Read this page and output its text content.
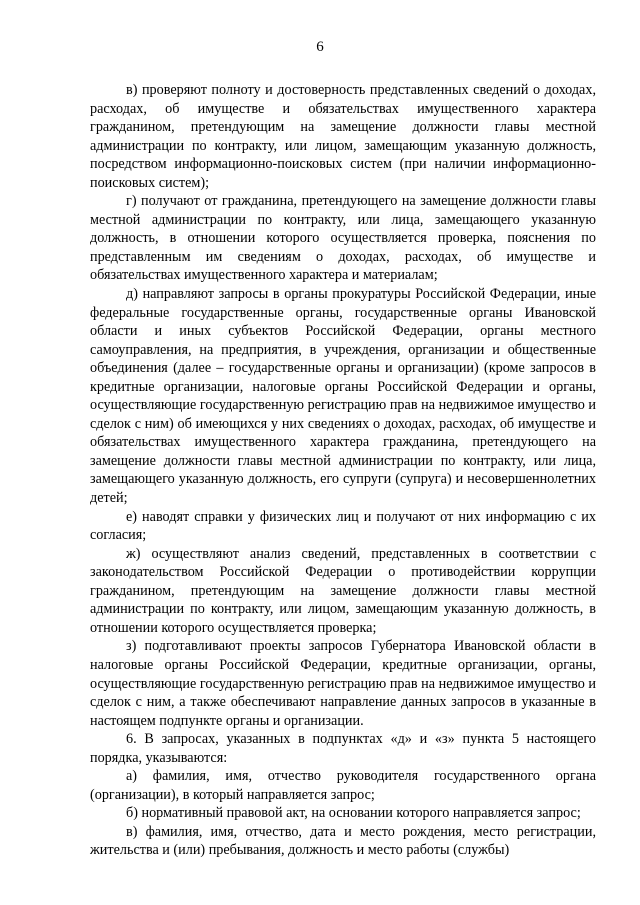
6

в) проверяют полноту и достоверность представленных сведений о доходах, расходах, об имуществе и обязательствах имущественного характера гражданином, претендующим на замещение должности главы местной администрации по контракту, или лицом, замещающим указанную должность, посредством информационно-поисковых систем (при наличии информационно-поисковых систем);

г) получают от гражданина, претендующего на замещение должности главы местной администрации по контракту, или лица, замещающего указанную должность, в отношении которого осуществляется проверка, пояснения по представленным им сведениям о доходах, расходах, об имуществе и обязательствах имущественного характера и материалам;

д) направляют запросы в органы прокуратуры Российской Федерации, иные федеральные государственные органы, государственные органы Ивановской области и иных субъектов Российской Федерации, органы местного самоуправления, на предприятия, в учреждения, организации и общественные объединения (далее – государственные органы и организации) (кроме запросов в кредитные организации, налоговые органы Российской Федерации и органы, осуществляющие государственную регистрацию прав на недвижимое имущество и сделок с ним) об имеющихся у них сведениях о доходах, расходах, об имуществе и обязательствах имущественного характера гражданина, претендующего на замещение должности главы местной администрации по контракту, или лица, замещающего указанную должность, его супруги (супруга) и несовершеннолетних детей;

е) наводят справки у физических лиц и получают от них информацию с их согласия;

ж) осуществляют анализ сведений, представленных в соответствии с законодательством Российской Федерации о противодействии коррупции гражданином, претендующим на замещение должности главы местной администрации по контракту, или лицом, замещающим указанную должность, в отношении которого осуществляется проверка;

з) подготавливают проекты запросов Губернатора Ивановской области в налоговые органы Российской Федерации, кредитные организации, органы, осуществляющие государственную регистрацию прав на недвижимое имущество и сделок с ним, а также обеспечивают направление данных запросов в указанные в настоящем подпункте органы и организации.

6. В запросах, указанных в подпунктах «д» и «з» пункта 5 настоящего порядка, указываются:

а) фамилия, имя, отчество руководителя государственного органа (организации), в который направляется запрос;

б) нормативный правовой акт, на основании которого направляется запрос;

в) фамилия, имя, отчество, дата и место рождения, место регистрации, жительства и (или) пребывания, должность и место работы (службы)
